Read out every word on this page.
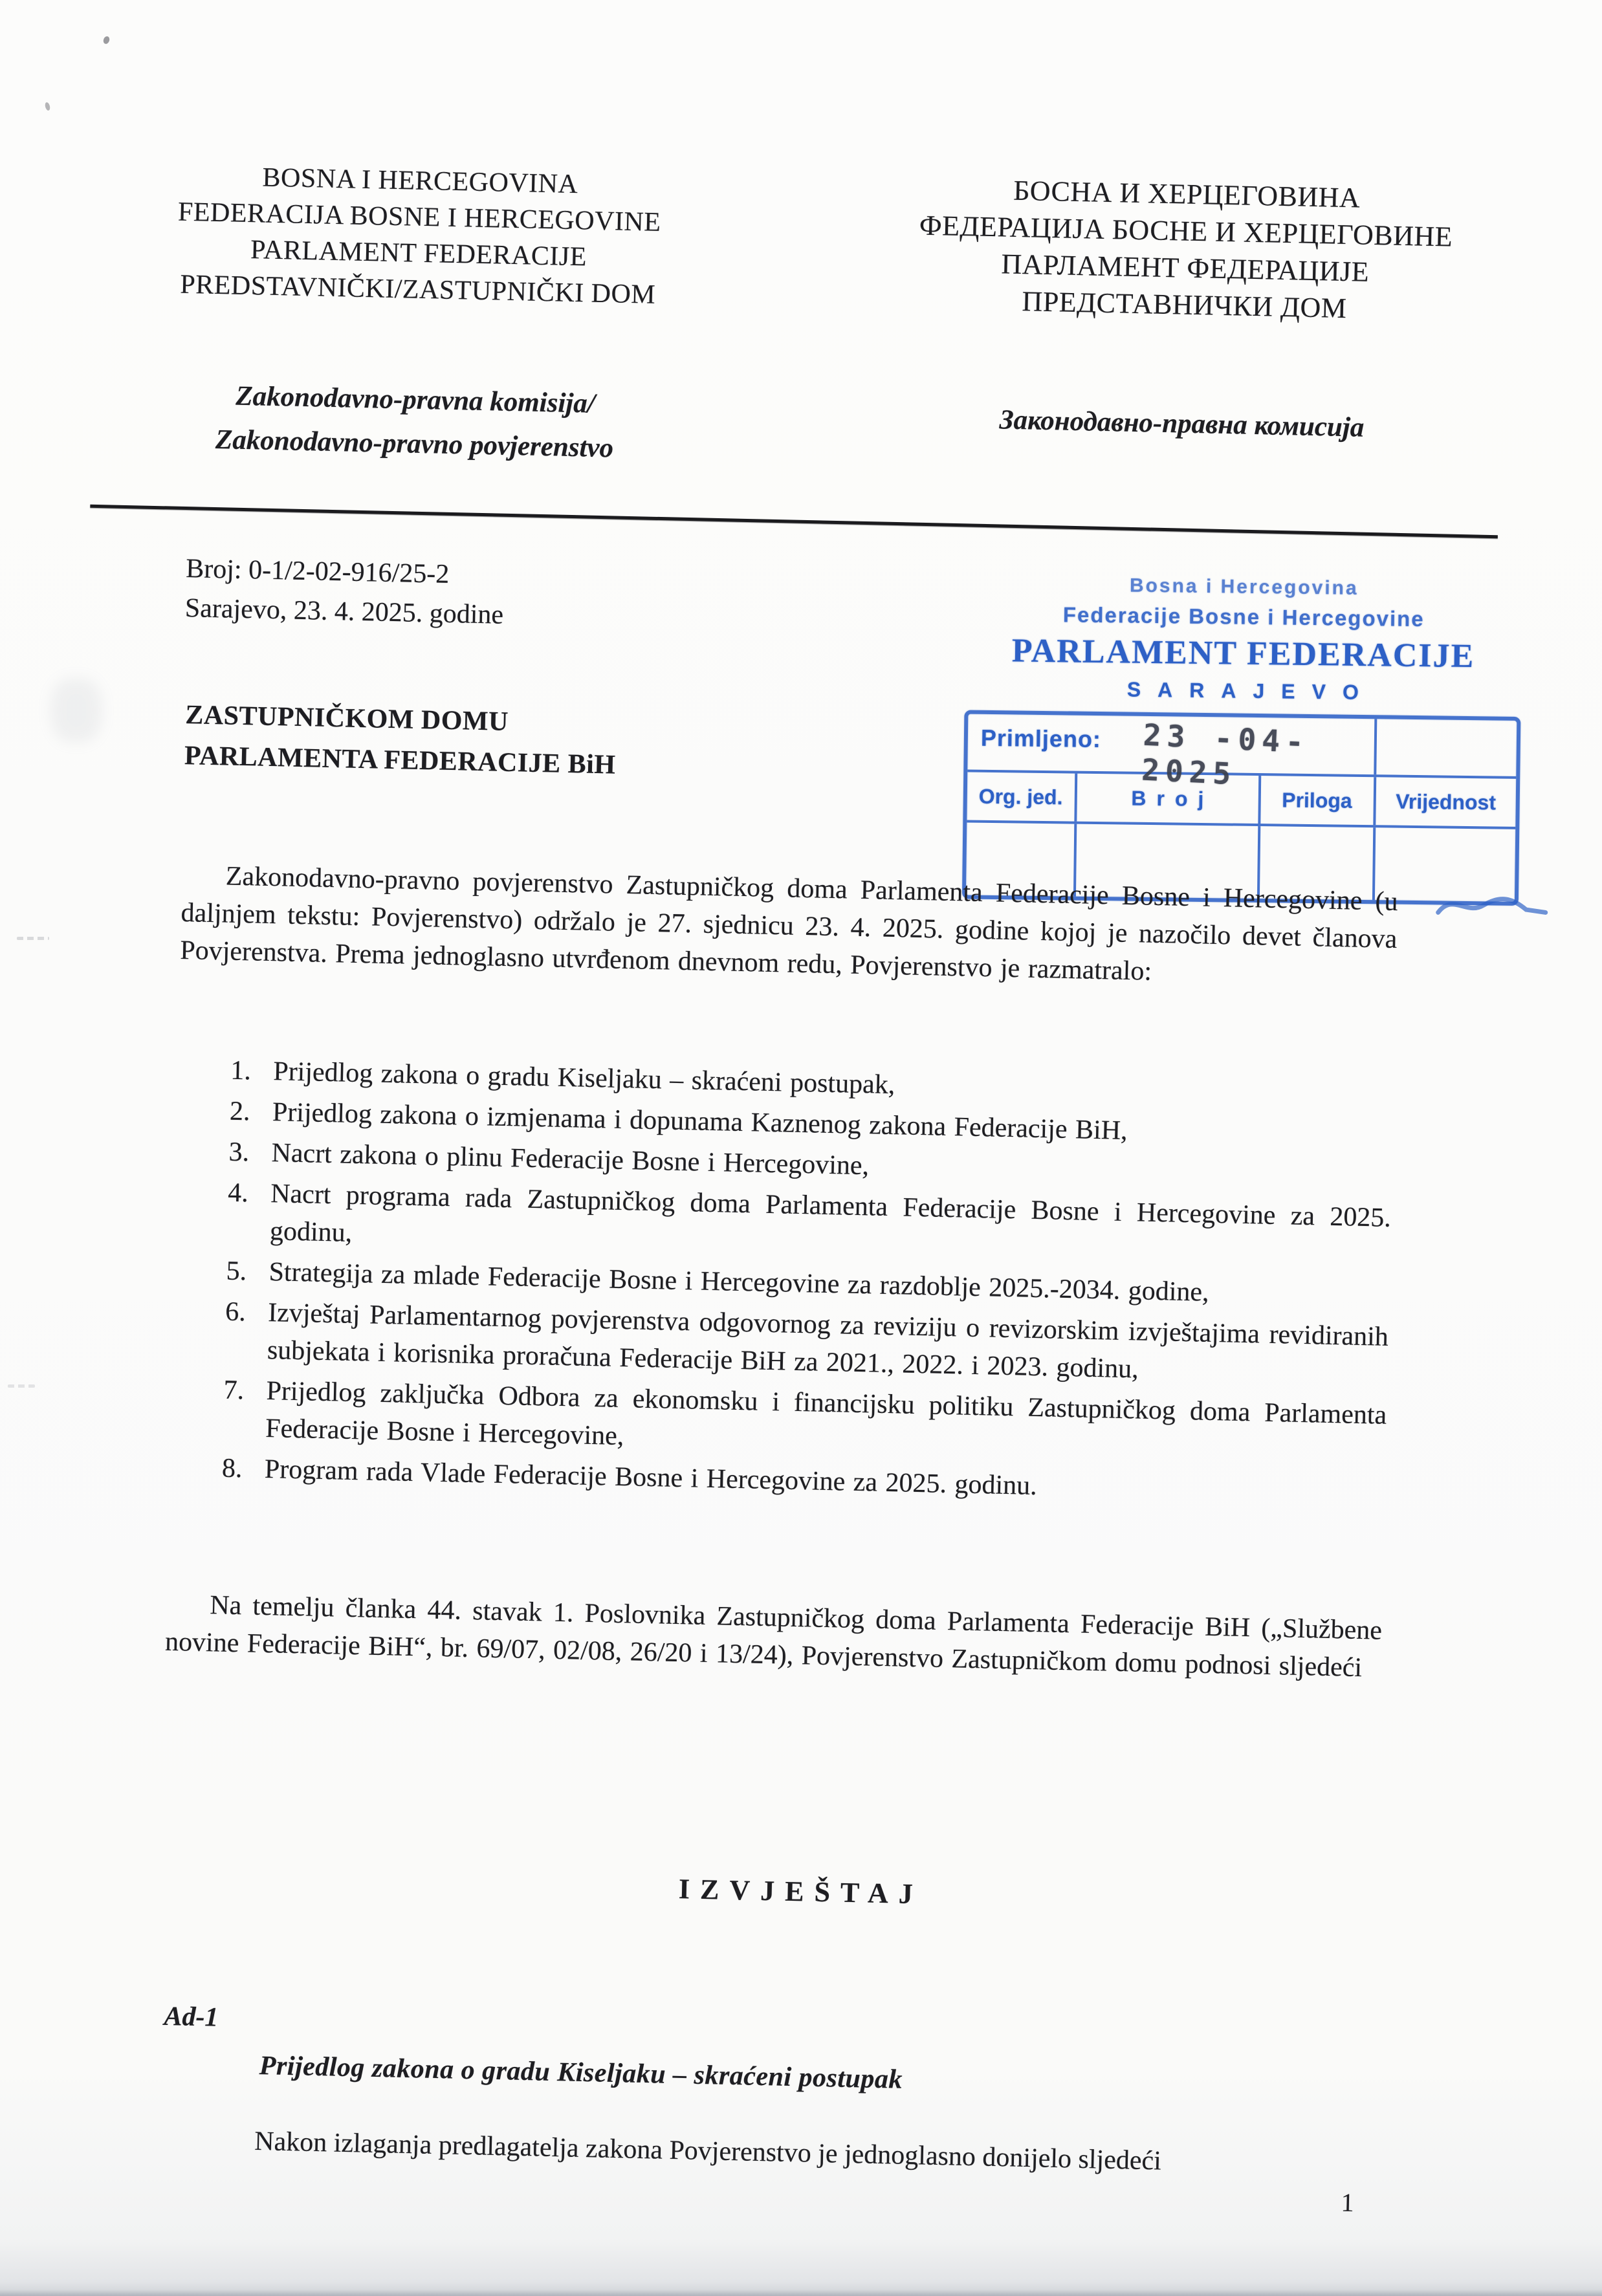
BOSNA I HERCEGOVINA
FEDERACIJA BOSNE I HERCEGOVINE
PARLAMENT FEDERACIJE
PREDSTAVNIČKI/ZASTUPNIČKI DOM
БОСНА И ХЕРЦЕГОВИНА
ФЕДЕРАЦИЈА БОСНЕ И ХЕРЦЕГОВИНЕ
ПАРЛАМЕНТ ФЕДЕРАЦИЈЕ
ПРЕДСТАВНИЧКИ ДОМ
Zakonodavno-pravna komisija/
Zakonodavno-pravno povjerenstvo
Законодавно-правна комисија
Broj: 0-1/2-02-916/25-2
Sarajevo, 23. 4. 2025. godine
Bosna i Hercegovina
Federacije Bosne i Hercegovine
PARLAMENT FEDERACIJE
SARAJEVO
Primljeno: 23 -04- 2025
Org. jed.	Broj	Priloga	Vrijednost
ZASTUPNIČKOM DOMU
PARLAMENTA FEDERACIJE BiH
Zakonodavno-pravno povjerenstvo Zastupničkog doma Parlamenta Federacije Bosne i Hercegovine (u daljnjem tekstu: Povjerenstvo) održalo je 27. sjednicu 23. 4. 2025. godine kojoj je nazočilo devet članova Povjerenstva. Prema jednoglasno utvrđenom dnevnom redu, Povjerenstvo je razmatralo:
1. Prijedlog zakona o gradu Kiseljaku – skraćeni postupak,
2. Prijedlog zakona o izmjenama i dopunama Kaznenog zakona Federacije BiH,
3. Nacrt zakona o plinu Federacije Bosne i Hercegovine,
4. Nacrt programa rada Zastupničkog doma Parlamenta Federacije Bosne i Hercegovine za 2025. godinu,
5. Strategija za mlade Federacije Bosne i Hercegovine za razdoblje 2025.-2034. godine,
6. Izvještaj Parlamentarnog povjerenstva odgovornog za reviziju o revizorskim izvještajima revidiranih subjekata i korisnika proračuna Federacije BiH za 2021., 2022. i 2023. godinu,
7. Prijedlog zaključka Odbora za ekonomsku i financijsku politiku Zastupničkog doma Parlamenta Federacije Bosne i Hercegovine,
8. Program rada Vlade Federacije Bosne i Hercegovine za 2025. godinu.
Na temelju članka 44. stavak 1. Poslovnika Zastupničkog doma Parlamenta Federacije BiH („Službene novine Federacije BiH“, br. 69/07, 02/08, 26/20 i 13/24), Povjerenstvo Zastupničkom domu podnosi sljedeći
IZVJEŠTAJ
Ad-1
Prijedlog zakona o gradu Kiseljaku – skraćeni postupak
Nakon izlaganja predlagatelja zakona Povjerenstvo je jednoglasno donijelo sljedeći
1
